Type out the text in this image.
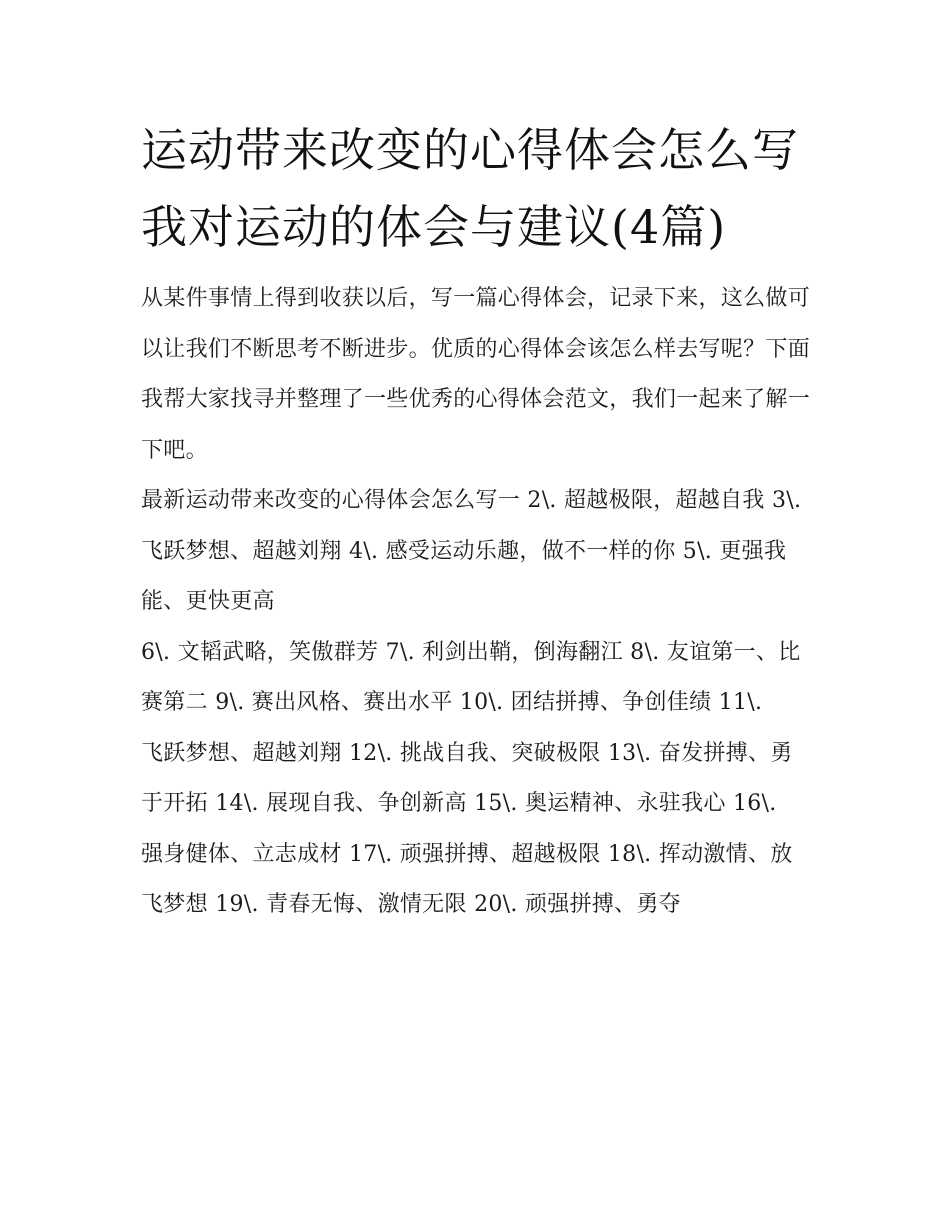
运动带来改变的心得体会怎么写 我对运动的体会与建议(4篇)

从某件事情上得到收获以后，写一篇心得体会，记录下来，这么做可以让我们不断思考不断进步。优质的心得体会该怎么样去写呢？下面我帮大家找寻并整理了一些优秀的心得体会范文，我们一起来了解一下吧。

最新运动带来改变的心得体会怎么写一 2\. 超越极限，超越自我 3\. 飞跃梦想、超越刘翔 4\. 感受运动乐趣，做不一样的你 5\. 更强我能、更快更高

6\. 文韬武略，笑傲群芳 7\. 利剑出鞘，倒海翻江 8\. 友谊第一、比赛第二 9\. 赛出风格、赛出水平 10\. 团结拼搏、争创佳绩 11\.

飞跃梦想、超越刘翔 12\. 挑战自我、突破极限 13\. 奋发拼搏、勇于开拓 14\. 展现自我、争创新高 15\. 奥运精神、永驻我心 16\.

强身健体、立志成材 17\. 顽强拼搏、超越极限 18\. 挥动激情、放飞梦想 19\. 青春无悔、激情无限 20\. 顽强拼搏、勇夺
